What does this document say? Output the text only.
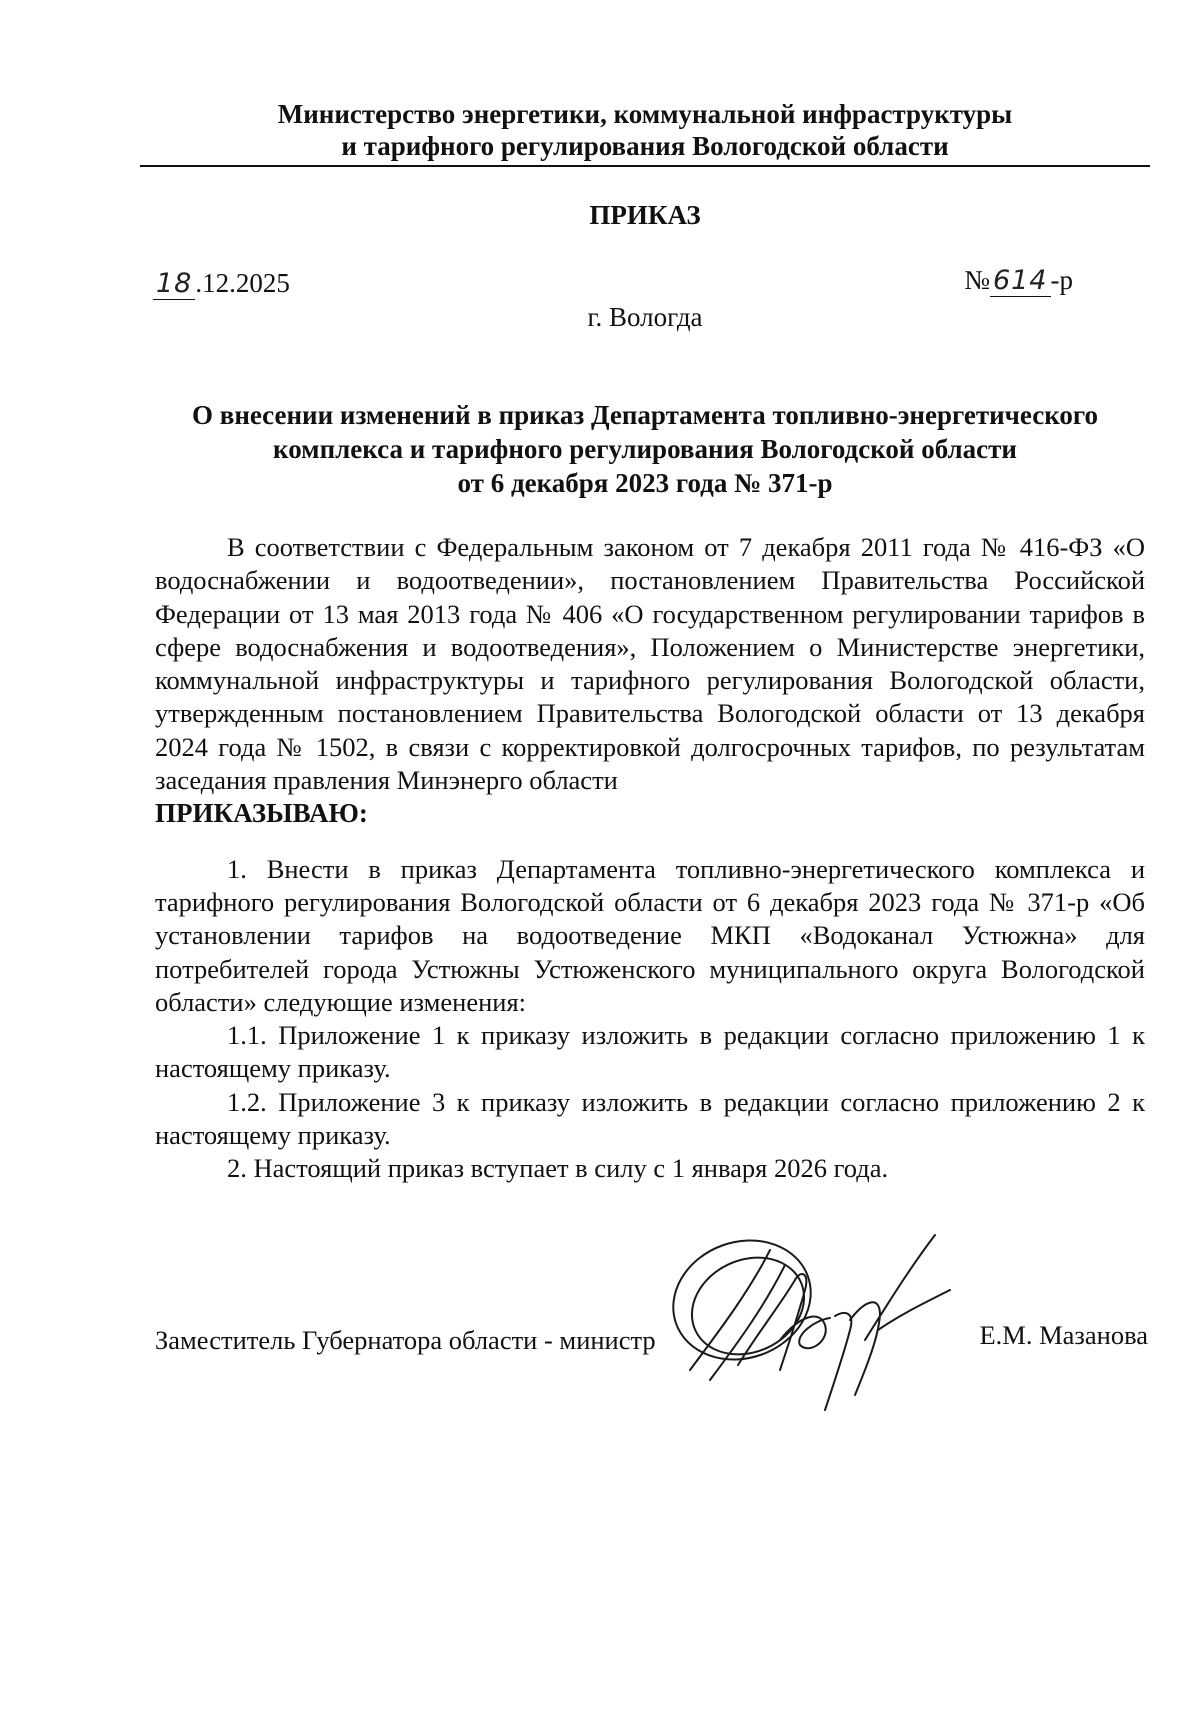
Министерство энергетики, коммунальной инфраструктуры
и тарифного регулирования Вологодской области
ПРИКАЗ
18 .12.2025	№ 614 -р
г. Вологда
О внесении изменений в приказ Департамента топливно-энергетического
комплекса и тарифного регулирования Вологодской области
от 6 декабря 2023 года № 371-р

В соответствии с Федеральным законом от 7 декабря 2011 года № 416-ФЗ «О водоснабжении и водоотведении», постановлением Правительства Российской Федерации от 13 мая 2013 года № 406 «О государственном регулировании тарифов в сфере водоснабжения и водоотведения», Положением о Министерстве энергетики, коммунальной инфраструктуры и тарифного регулирования Вологодской области, утвержденным постановлением Правительства Вологодской области от 13 декабря 2024 года № 1502, в связи с корректировкой долгосрочных тарифов, по результатам заседания правления Минэнерго области

ПРИКАЗЫВАЮ:

1. Внести в приказ Департамента топливно-энергетического комплекса и тарифного регулирования Вологодской области от 6 декабря 2023 года № 371-р «Об установлении тарифов на водоотведение МКП «Водоканал Устюжна» для потребителей города Устюжны Устюженского муниципального округа Вологодской области» следующие изменения:

1.1. Приложение 1 к приказу изложить в редакции согласно приложению 1 к настоящему приказу.

1.2. Приложение 3 к приказу изложить в редакции согласно приложению 2 к настоящему приказу.

2. Настоящий приказ вступает в силу с 1 января 2026 года.

Заместитель Губернатора области - министр	Е.М. Мазанова
